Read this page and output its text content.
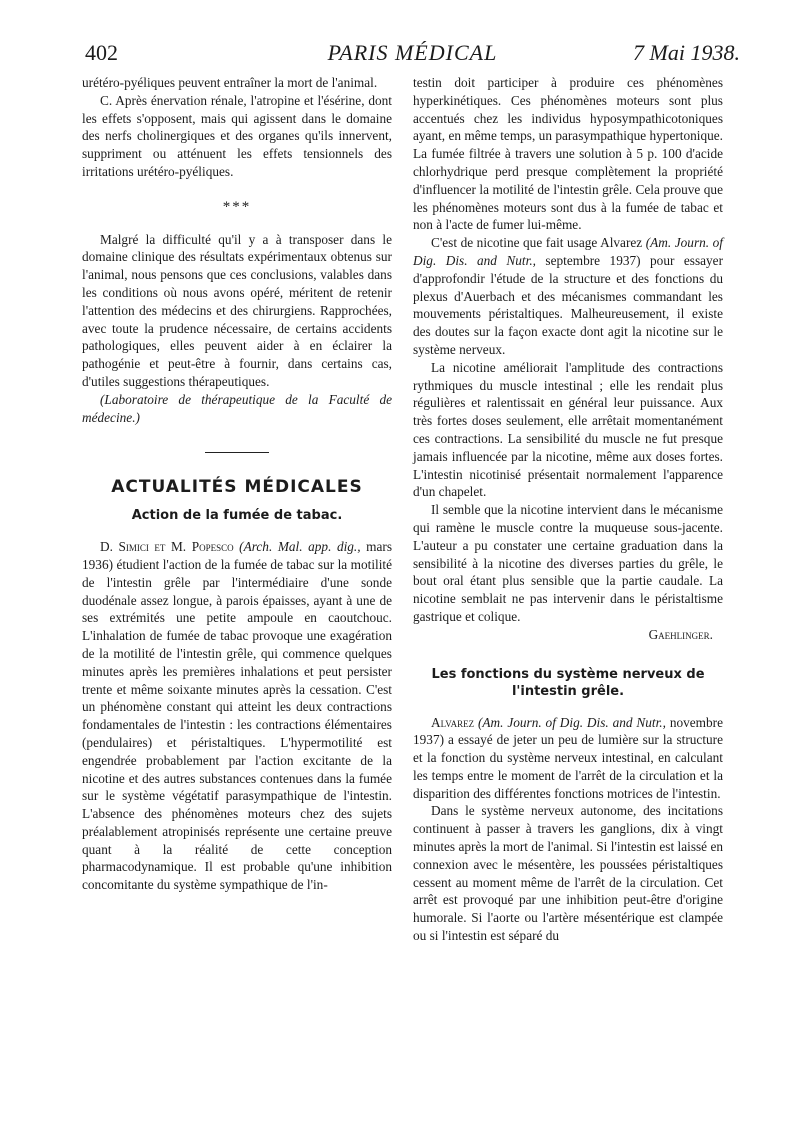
402	PARIS MÉDICAL	7 Mai 1938.

urétéro-pyéliques peuvent entraîner la mort de l'animal.

C. Après énervation rénale, l'atropine et l'ésérine, dont les effets s'opposent, mais qui agissent dans le domaine des nerfs cholinergiques et des organes qu'ils innervent, suppriment ou atténuent les effets tensionnels des irritations urétéro-pyéliques.

***

Malgré la difficulté qu'il y a à transposer dans le domaine clinique des résultats expérimentaux obtenus sur l'animal, nous pensons que ces conclusions, valables dans les conditions où nous avons opéré, méritent de retenir l'attention des médecins et des chirurgiens. Rapprochées, avec toute la prudence nécessaire, de certains accidents pathologiques, elles peuvent aider à en éclairer la pathogénie et peut-être à fournir, dans certains cas, d'utiles suggestions thérapeutiques.

(Laboratoire de thérapeutique de la Faculté de médecine.)

ACTUALITÉS MÉDICALES
Action de la fumée de tabac.

D. Simici et M. Popesco (Arch. Mal. app. dig., mars 1936) étudient l'action de la fumée de tabac sur la motilité de l'intestin grêle par l'intermédiaire d'une sonde duodénale assez longue, à parois épaisses, ayant à une de ses extrémités une petite ampoule en caoutchouc. L'inhalation de fumée de tabac provoque une exagération de la motilité de l'intestin grêle, qui commence quelques minutes après les premières inhalations et peut persister trente et même soixante minutes après la cessation. C'est un phénomène constant qui atteint les deux contractions fondamentales de l'intestin : les contractions élémentaires (pendulaires) et péristaltiques. L'hypermotilité est engendrée probablement par l'action excitante de la nicotine et des autres substances contenues dans la fumée sur le système végétatif parasympathique de l'intestin. L'absence des phénomènes moteurs chez des sujets préalablement atropinisés représente une certaine preuve quant à la réalité de cette conception pharmacodynamique. Il est probable qu'une inhibition concomitante du système sympathique de l'in-

testin doit participer à produire ces phénomènes hyperkinétiques. Ces phénomènes moteurs sont plus accentués chez les individus hyposympathicotoniques ayant, en même temps, un parasympathique hypertonique. La fumée filtrée à travers une solution à 5 p. 100 d'acide chlorhydrique perd presque complètement la propriété d'influencer la motilité de l'intestin grêle. Cela prouve que les phénomènes moteurs sont dus à la fumée de tabac et non à l'acte de fumer lui-même.

C'est de nicotine que fait usage Alvarez (Am. Journ. of Dig. Dis. and Nutr., septembre 1937) pour essayer d'approfondir l'étude de la structure et des fonctions du plexus d'Auerbach et des mécanismes commandant les mouvements péristaltiques. Malheureusement, il existe des doutes sur la façon exacte dont agit la nicotine sur le système nerveux.

La nicotine améliorait l'amplitude des contractions rythmiques du muscle intestinal ; elle les rendait plus régulières et ralentissait en général leur puissance. Aux très fortes doses seulement, elle arrêtait momentanément ces contractions. La sensibilité du muscle ne fut presque jamais influencée par la nicotine, même aux doses fortes. L'intestin nicotinisé présentait normalement l'apparence d'un chapelet.

Il semble que la nicotine intervient dans le mécanisme qui ramène le muscle contre la muqueuse sous-jacente. L'auteur a pu constater une certaine graduation dans la sensibilité à la nicotine des diverses parties du grêle, le bout oral étant plus sensible que la partie caudale. La nicotine semblait ne pas intervenir dans le péristaltisme gastrique et colique.

Gaehlinger.

Les fonctions du système nerveux de l'intestin grêle.

Alvarez (Am. Journ. of Dig. Dis. and Nutr., novembre 1937) a essayé de jeter un peu de lumière sur la structure et la fonction du système nerveux intestinal, en calculant les temps entre le moment de l'arrêt de la circulation et la disparition des différentes fonctions motrices de l'intestin.

Dans le système nerveux autonome, des incitations continuent à passer à travers les ganglions, dix à vingt minutes après la mort de l'animal. Si l'intestin est laissé en connexion avec le mésentère, les poussées péristaltiques cessent au moment même de l'arrêt de la circulation. Cet arrêt est provoqué par une inhibition peut-être d'origine humorale. Si l'aorte ou l'artère mésentérique est clampée ou si l'intestin est séparé du
